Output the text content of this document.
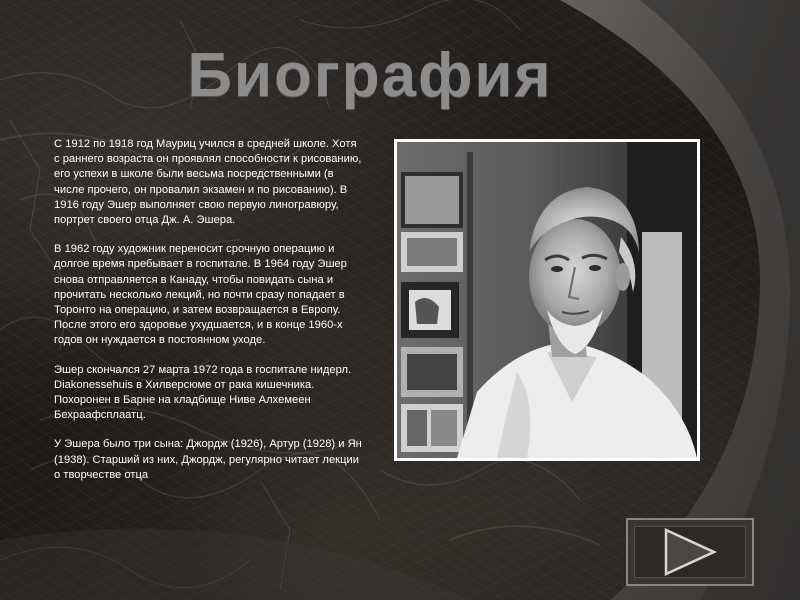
Биография

С 1912 по 1918 год Мауриц учился в средней школе. Хотя с раннего возраста он проявлял способности к рисованию, его успехи в школе были весьма посредственными (в числе прочего, он провалил экзамен и по рисованию). В 1916 году Эшер выполняет свою первую линогравюру, портрет своего отца Дж. А. Эшера.

В 1962 году художник переносит срочную операцию и долгое время пребывает в госпитале. В 1964 году Эшер снова отправляется в Канаду, чтобы повидать сына и прочитать несколько лекций, но почти сразу попадает в Торонто на операцию, и затем возвращается в Европу. После этого его здоровье ухудшается, и в конце 1960-х годов он нуждается в постоянном уходе.

Эшер скончался 27 марта 1972 года в госпитале нидерл. Diakonessehuis в Хилверсюме от рака кишечника. Похоронен в Барне на кладбище Ниве Алхемеен Бехраафсплаатц.

У Эшера было три сына: Джордж (1926), Артур (1928) и Ян (1938). Старший из них, Джордж, регулярно читает лекции о творчестве отца
